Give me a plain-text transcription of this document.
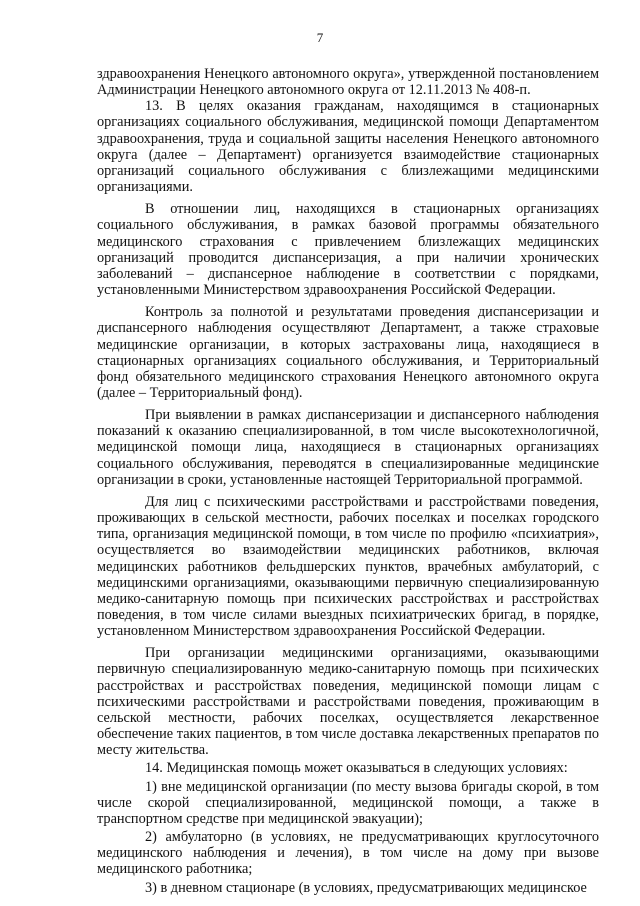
7

здравоохранения Ненецкого автономного округа», утвержденной постановлением Администрации Ненецкого автономного округа от 12.11.2013 № 408-п.

13. В целях оказания гражданам, находящимся в стационарных организациях социального обслуживания, медицинской помощи Департаментом здравоохранения, труда и социальной защиты населения Ненецкого автономного округа (далее – Департамент) организуется взаимодействие стационарных организаций социального обслуживания с близлежащими медицинскими организациями.

В отношении лиц, находящихся в стационарных организациях социального обслуживания, в рамках базовой программы обязательного медицинского страхования с привлечением близлежащих медицинских организаций проводится диспансеризация, а при наличии хронических заболеваний – диспансерное наблюдение в соответствии с порядками, установленными Министерством здравоохранения Российской Федерации.

Контроль за полнотой и результатами проведения диспансеризации и диспансерного наблюдения осуществляют Департамент, а также страховые медицинские организации, в которых застрахованы лица, находящиеся в стационарных организациях социального обслуживания, и Территориальный фонд обязательного медицинского страхования Ненецкого автономного округа (далее – Территориальный фонд).

При выявлении в рамках диспансеризации и диспансерного наблюдения показаний к оказанию специализированной, в том числе высокотехнологичной, медицинской помощи лица, находящиеся в стационарных организациях социального обслуживания, переводятся в специализированные медицинские организации в сроки, установленные настоящей Территориальной программой.

Для лиц с психическими расстройствами и расстройствами поведения, проживающих в сельской местности, рабочих поселках и поселках городского типа, организация медицинской помощи, в том числе по профилю «психиатрия», осуществляется во взаимодействии медицинских работников, включая медицинских работников фельдшерских пунктов, врачебных амбулаторий, с медицинскими организациями, оказывающими первичную специализированную медико-санитарную помощь при психических расстройствах и расстройствах поведения, в том числе силами выездных психиатрических бригад, в порядке, установленном Министерством здравоохранения Российской Федерации.

При организации медицинскими организациями, оказывающими первичную специализированную медико-санитарную помощь при психических расстройствах и расстройствах поведения, медицинской помощи лицам с психическими расстройствами и расстройствами поведения, проживающим в сельской местности, рабочих поселках, осуществляется лекарственное обеспечение таких пациентов, в том числе доставка лекарственных препаратов по месту жительства.

14. Медицинская помощь может оказываться в следующих условиях:

1) вне медицинской организации (по месту вызова бригады скорой, в том числе скорой специализированной, медицинской помощи, а также в транспортном средстве при медицинской эвакуации);

2) амбулаторно (в условиях, не предусматривающих круглосуточного медицинского наблюдения и лечения), в том числе на дому при вызове медицинского работника;

3) в дневном стационаре (в условиях, предусматривающих медицинское
